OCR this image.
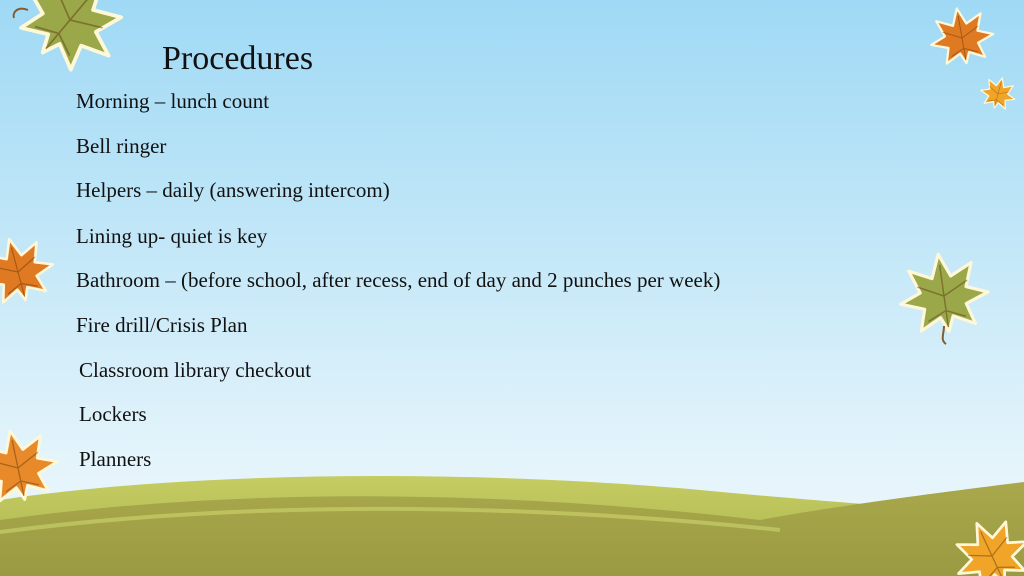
Procedures
Morning – lunch count
Bell ringer
Helpers – daily (answering intercom)
Lining up- quiet is key
Bathroom – (before school, after recess, end of day and 2 punches per week)
Fire drill/Crisis Plan
Classroom library checkout
Lockers
Planners
